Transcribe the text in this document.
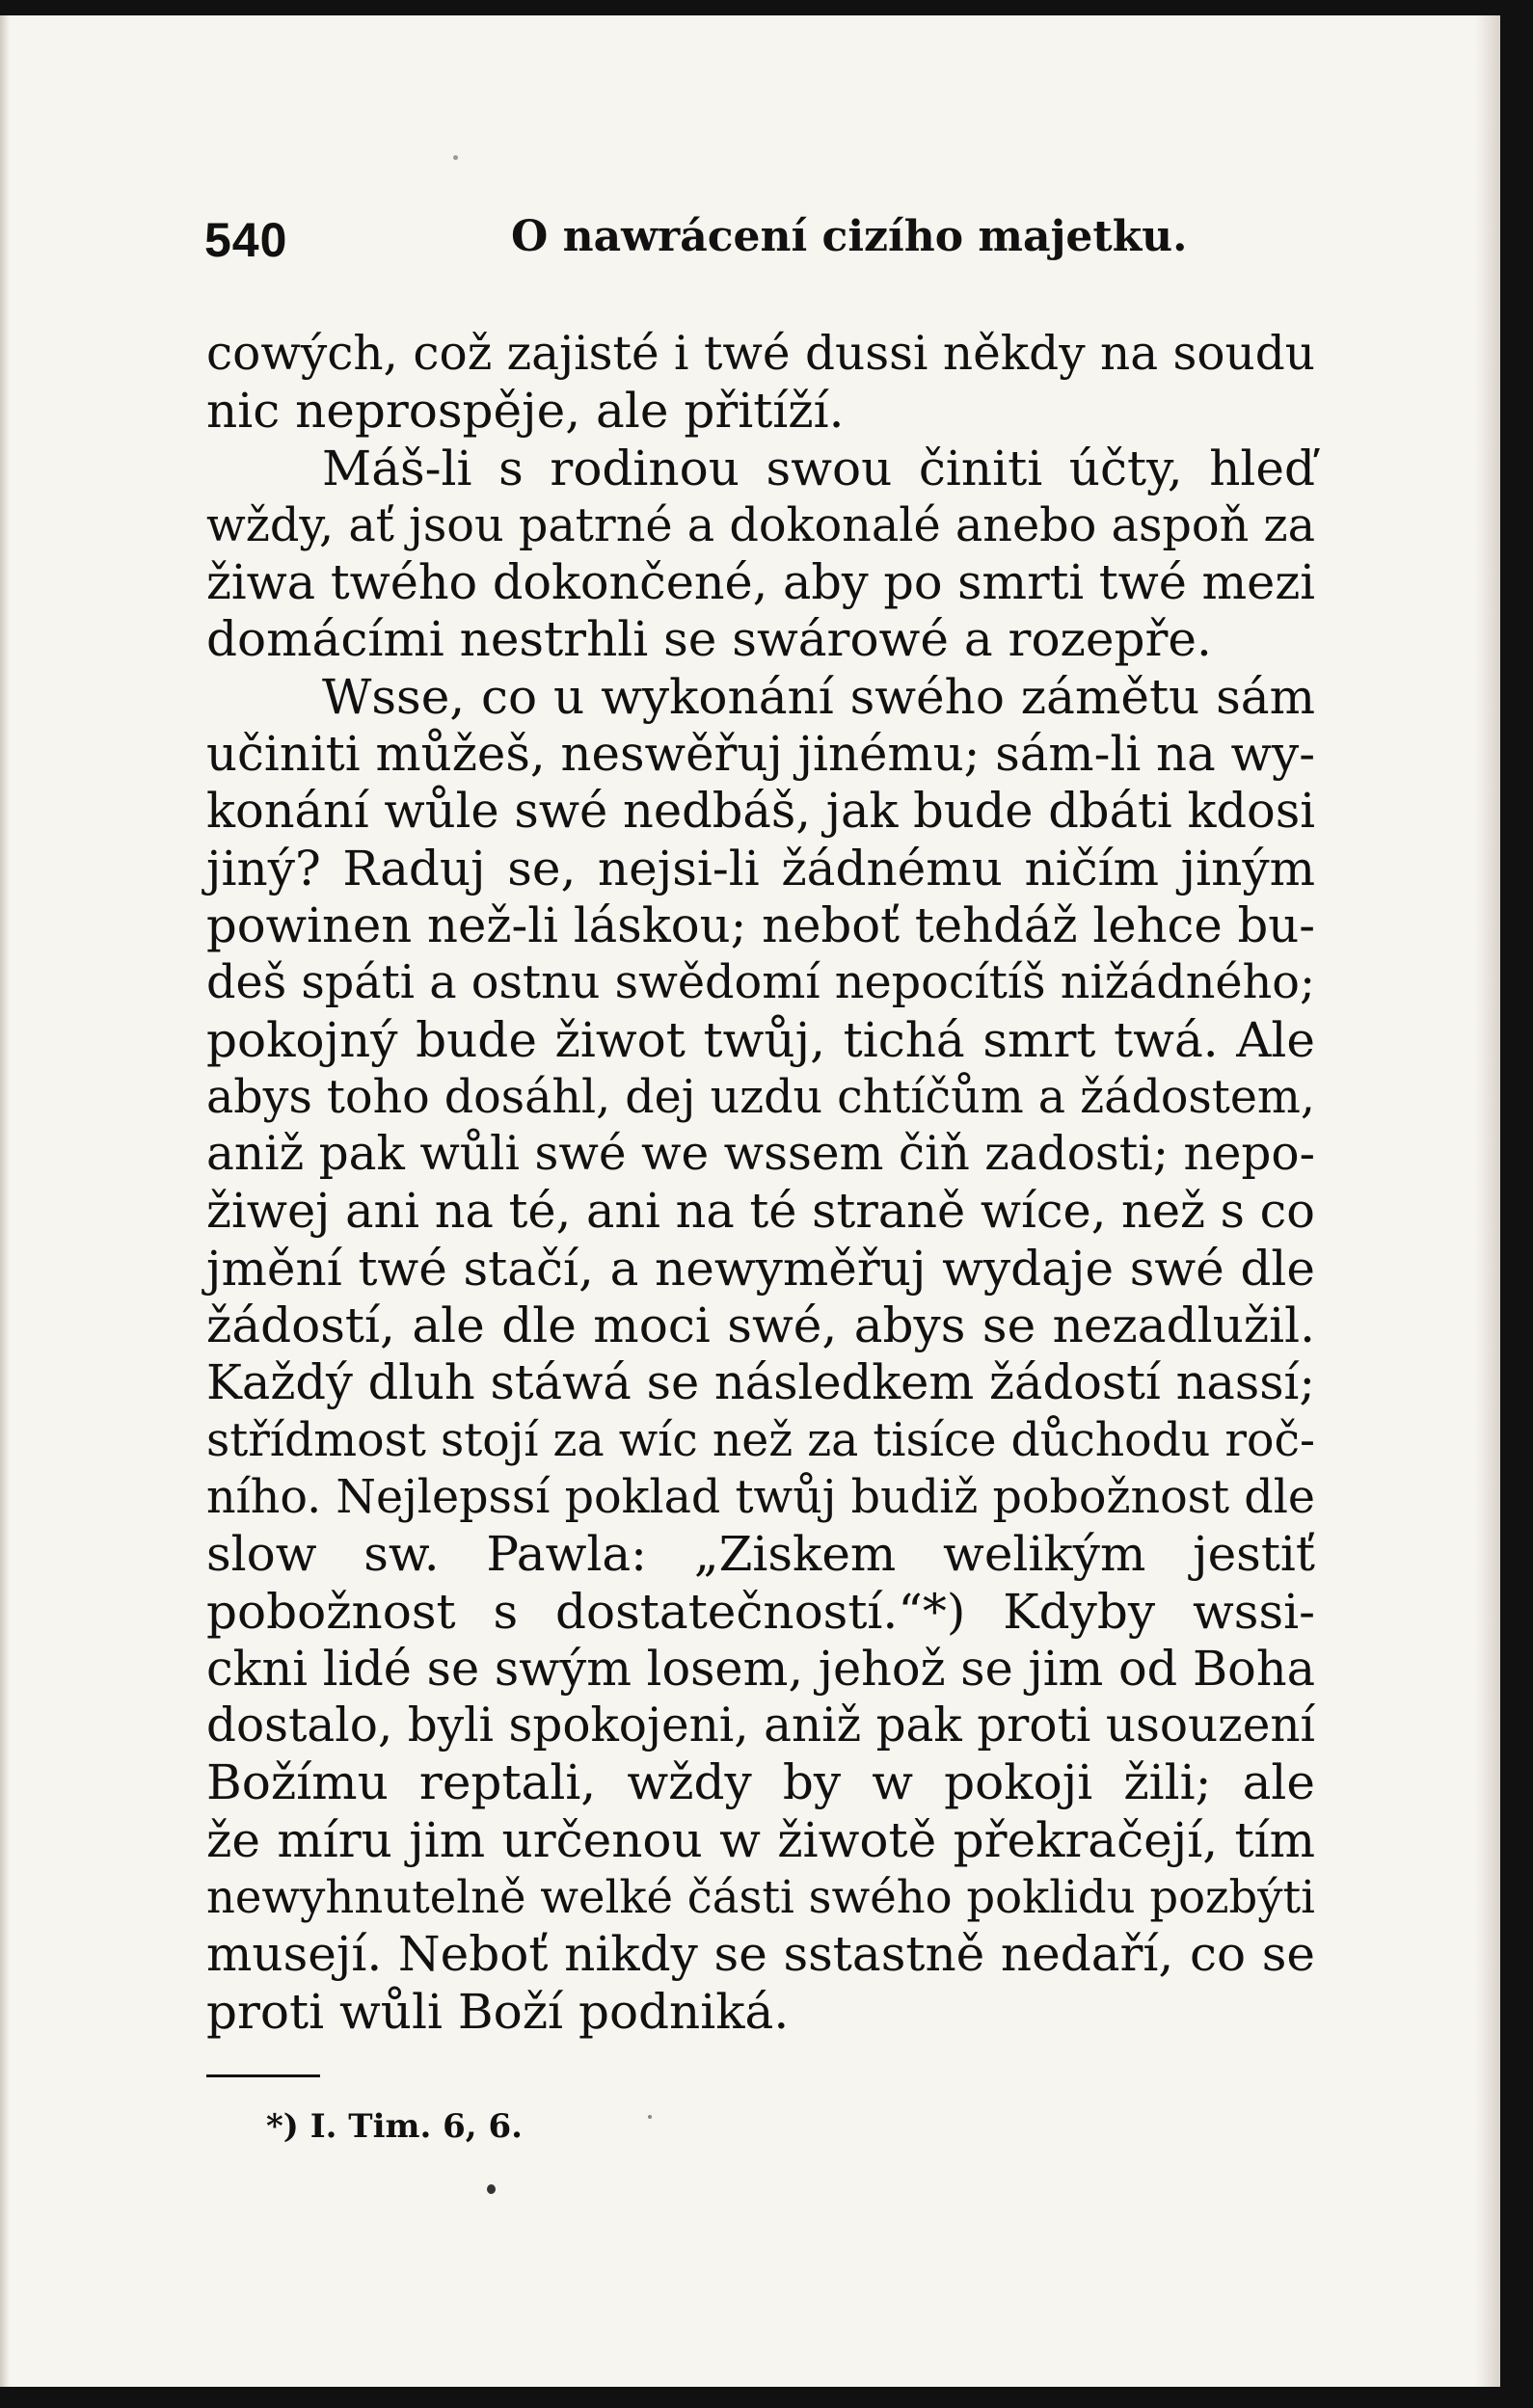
540	O nawrácení cizího majetku.
cowých, což zajisté i twé dussi někdy na soudu
nic neprospěje, ale přitíží.
Máš-li s rodinou swou činiti účty, hleď
wždy, ať jsou patrné a dokonalé anebo aspoň za
žiwa twého dokončené, aby po smrti twé mezi
domácími nestrhli se swárowé a rozepře.
Wsse, co u wykonání swého zámětu sám
učiniti můžeš, neswěřuj jinému; sám-li na wy-
konání wůle swé nedbáš, jak bude dbáti kdosi
jiný? Raduj se, nejsi-li žádnému ničím jiným
powinen než-li láskou; neboť tehdáž lehce bu-
deš spáti a ostnu swědomí nepocítíš nižádného;
pokojný bude žiwot twůj, tichá smrt twá. Ale
abys toho dosáhl, dej uzdu chtíčům a žádostem,
aniž pak wůli swé we wssem čiň zadosti; nepo-
žiwej ani na té, ani na té straně wíce, než s co
jmění twé stačí, a newyměřuj wydaje swé dle
žádostí, ale dle moci swé, abys se nezadlužil.
Každý dluh stáwá se následkem žádostí nassí;
střídmost stojí za wíc než za tisíce důchodu roč-
ního. Nejlepssí poklad twůj budiž pobožnost dle
slow sw. Pawla: „Ziskem welikým jestiť
pobožnost s dostatečností.“*) Kdyby wssi-
ckni lidé se swým losem, jehož se jim od Boha
dostalo, byli spokojeni, aniž pak proti usouzení
Božímu reptali, wždy by w pokoji žili; ale
že míru jim určenou w žiwotě překračejí, tím
newyhnutelně welké části swého poklidu pozbýti
musejí. Neboť nikdy se sstastně nedaří, co se
proti wůli Boží podniká.
*) I. Tim. 6, 6.
